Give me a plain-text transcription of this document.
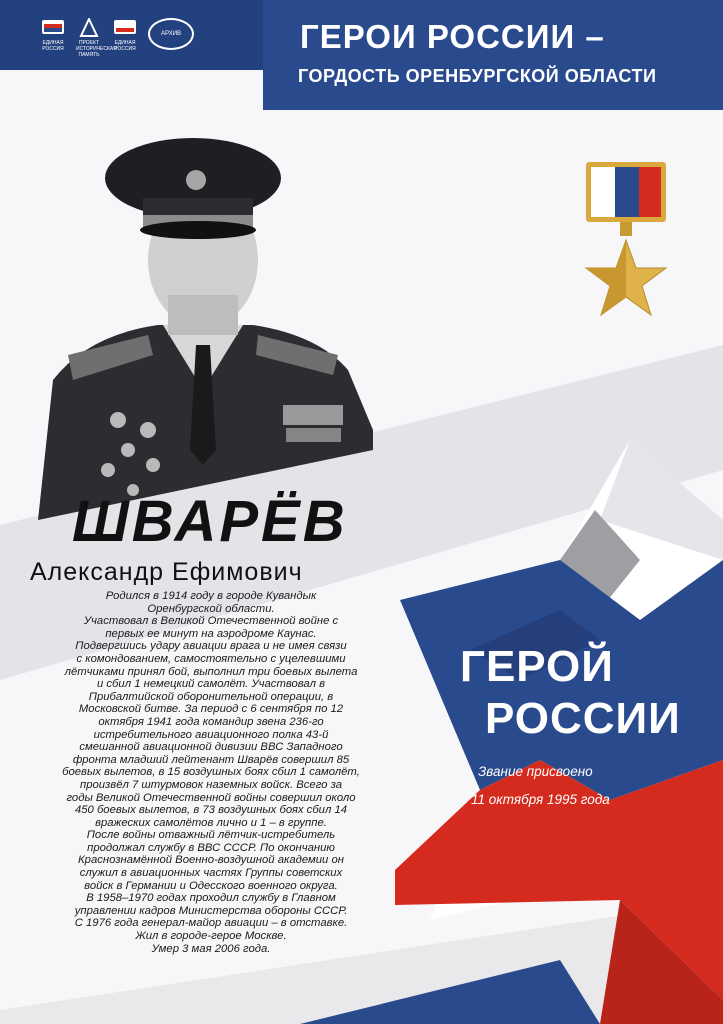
ЕДИНАЯ РОССИЯ
ПРОЕКТ ИСТОРИЧЕСКАЯ ПАМЯТЬ
ЕДИНАЯ РОССИЯ
АРХИВ	ГЕРОИ РОССИИ –
ГОРДОСТЬ ОРЕНБУРГСКОЙ ОБЛАСТИ
ШВАРЁВ
Александр Ефимович
Родился в 1914 году в городе Кувандык
Оренбургской области.
Участвовал в Великой Отечественной войне с
первых ее минут на аэродроме Каунас.
Подвергшись удару авиации врага и не имея связи
с комондованием, самостоятельно с уцелевшими
лётчиками принял бой, выполнил три боевых вылета
и сбил 1 немецкий самолёт. Участвовал в
Прибалтийской оборонительной операции, в
Московской битве. За период с 6 сентября по 12
октября 1941 года командир звена 236-го
истребительного авиационного полка 43-й
смешанной авиационной дивизии ВВС Западного
фронта младший лейтенант Шварёв совершил 85
боевых вылетов, в 15 воздушных боях сбил 1 самолёт,
произвёл 7 штурмовок наземных войск. Всего за
годы Великой Отечественной войны совершил около
450 боевых вылетов, в 73 воздушных боях сбил 14
вражеских самолётов лично и 1 – в группе.
После войны отважный лётчик-истребитель
продолжал службу в ВВС СССР. По окончанию
Краснознамённой Военно-воздушной академии он
служил в авиационных частях Группы советских
войск в Германии и Одесского военного округа.
В 1958–1970 годах проходил службу в Главном
управлении кадров Министерства обороны СССР.
С 1976 года генерал-майор авиации – в отставке.
Жил в городе-герое Москве.
Умер 3 мая 2006 года.
ГЕРОЙ
РОССИИ
Звание присвоено
11 октября 1995 года
